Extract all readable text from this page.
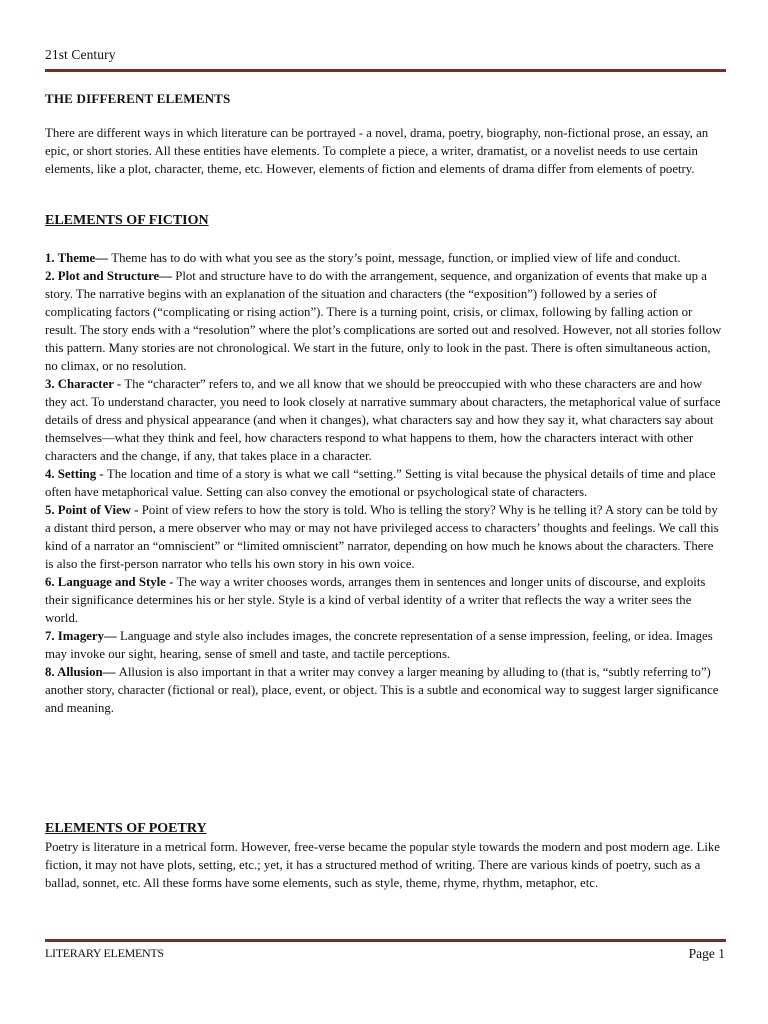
21st Century
THE DIFFERENT ELEMENTS

There are different ways in which literature can be portrayed - a novel, drama, poetry, biography, non-fictional prose, an essay, an epic, or short stories. All these entities have elements. To complete a piece, a writer, dramatist, or a novelist needs to use certain elements, like a plot, character, theme, etc. However, elements of fiction and elements of drama differ from elements of poetry.

ELEMENTS OF FICTION

1. Theme— Theme has to do with what you see as the story’s point, message, function, or implied view of life and conduct.

2. Plot and Structure— Plot and structure have to do with the arrangement, sequence, and organization of events that make up a story. The narrative begins with an explanation of the situation and characters (the “exposition”) followed by a series of complicating factors (“complicating or rising action”). There is a turning point, crisis, or climax, following by falling action or result. The story ends with a “resolution” where the plot’s complications are sorted out and resolved. However, not all stories follow this pattern. Many stories are not chronological. We start in the future, only to look in the past. There is often simultaneous action, no climax, or no resolution.

3. Character - The “character” refers to, and we all know that we should be preoccupied with who these characters are and how they act. To understand character, you need to look closely at narrative summary about characters, the metaphorical value of surface details of dress and physical appearance (and when it changes), what characters say and how they say it, what characters say about themselves—what they think and feel, how characters respond to what happens to them, how the characters interact with other characters and the change, if any, that takes place in a character.

4. Setting - The location and time of a story is what we call “setting.” Setting is vital because the physical details of time and place often have metaphorical value. Setting can also convey the emotional or psychological state of characters.

5. Point of View - Point of view refers to how the story is told. Who is telling the story? Why is he telling it? A story can be told by a distant third person, a mere observer who may or may not have privileged access to characters’ thoughts and feelings. We call this kind of a narrator an “omniscient” or “limited omniscient” narrator, depending on how much he knows about the characters. There is also the first-person narrator who tells his own story in his own voice.

6. Language and Style - The way a writer chooses words, arranges them in sentences and longer units of discourse, and exploits their significance determines his or her style. Style is a kind of verbal identity of a writer that reflects the way a writer sees the world.

7. Imagery— Language and style also includes images, the concrete representation of a sense impression, feeling, or idea. Images may invoke our sight, hearing, sense of smell and taste, and tactile perceptions.

8. Allusion— Allusion is also important in that a writer may convey a larger meaning by alluding to (that is, “subtly referring to”) another story, character (fictional or real), place, event, or object. This is a subtle and economical way to suggest larger significance and meaning.

ELEMENTS OF POETRY

Poetry is literature in a metrical form. However, free-verse became the popular style towards the modern and post modern age. Like fiction, it may not have plots, setting, etc.; yet, it has a structured method of writing. There are various kinds of poetry, such as a ballad, sonnet, etc. All these forms have some elements, such as style, theme, rhyme, rhythm, metaphor, etc.

LITERARY ELEMENTS	Page 1
